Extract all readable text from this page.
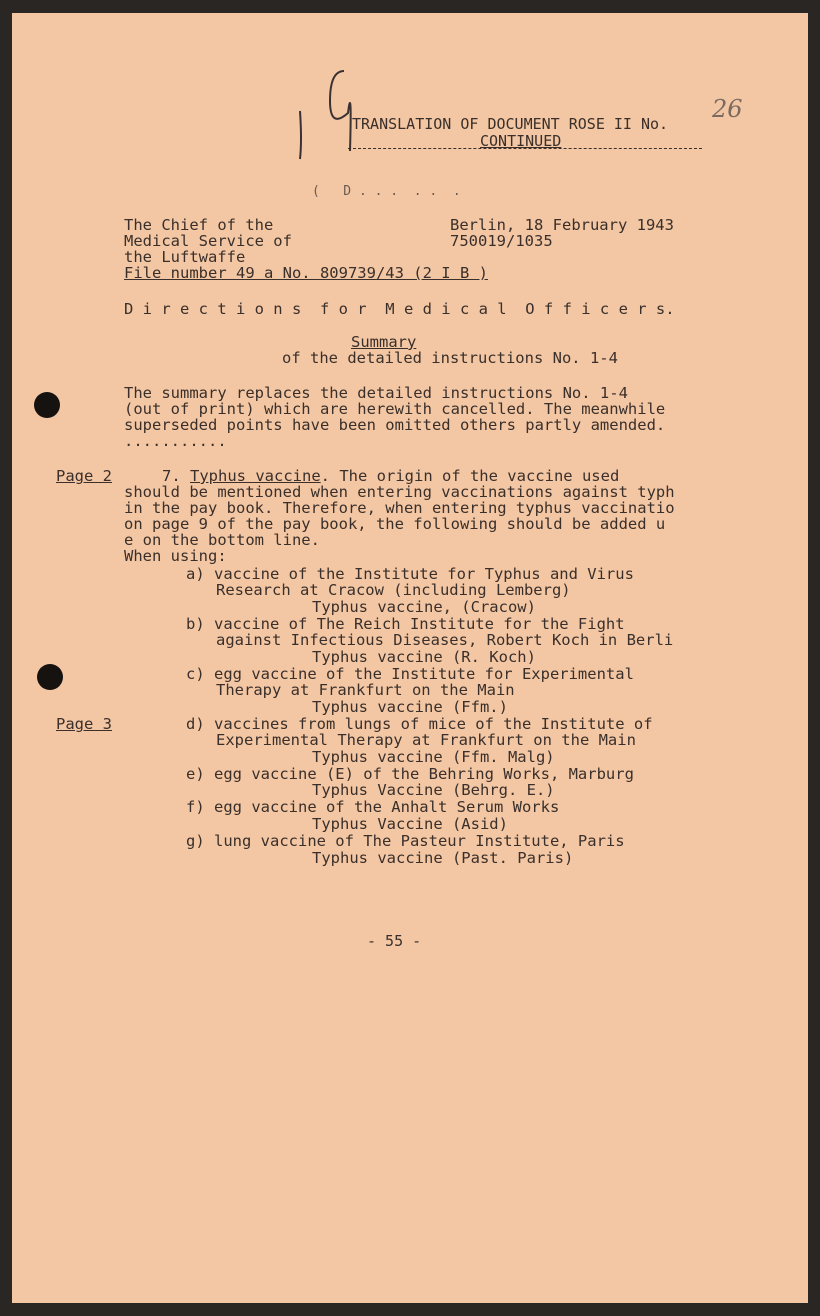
26
TRANSLATION OF DOCUMENT ROSE II No.
CONTINUED
(   D . . .  . .  .
The Chief of the
Medical Service of
the Luftwaffe
File number 49 a No. 809739/43 (2 I B )
Berlin, 18 February 1943
750019/1035
D i r e c t i o n s  f o r  M e d i c a l  O f f i c e r s.
Summary
of the detailed instructions No. 1-4
The summary replaces the detailed instructions No. 1-4
(out of print) which are herewith cancelled. The meanwhile
superseded points have been omitted others partly amended.
...........
Page 2	7. Typhus vaccine. The origin of the vaccine used
should be mentioned when entering vaccinations against typh
in the pay book. Therefore, when entering typhus vaccinatio
on page 9 of the pay book, the following should be added u
e on the bottom line.
When using:
a) vaccine of the Institute for Typhus and Virus
Research at Cracow (including Lemberg)
Typhus vaccine, (Cracow)
b) vaccine of The Reich Institute for the Fight
against Infectious Diseases, Robert Koch in Berli
Typhus vaccine (R. Koch)
c) egg vaccine of the Institute for Experimental
Therapy at Frankfurt on the Main
Typhus vaccine (Ffm.)
Page 3	d) vaccines from lungs of mice of the Institute of
Experimental Therapy at Frankfurt on the Main
Typhus vaccine (Ffm. Malg)
e) egg vaccine (E) of the Behring Works, Marburg
Typhus Vaccine (Behrg. E.)
f) egg vaccine of the Anhalt Serum Works
Typhus Vaccine (Asid)
g) lung vaccine of The Pasteur Institute, Paris
Typhus vaccine (Past. Paris)
- 55 -
